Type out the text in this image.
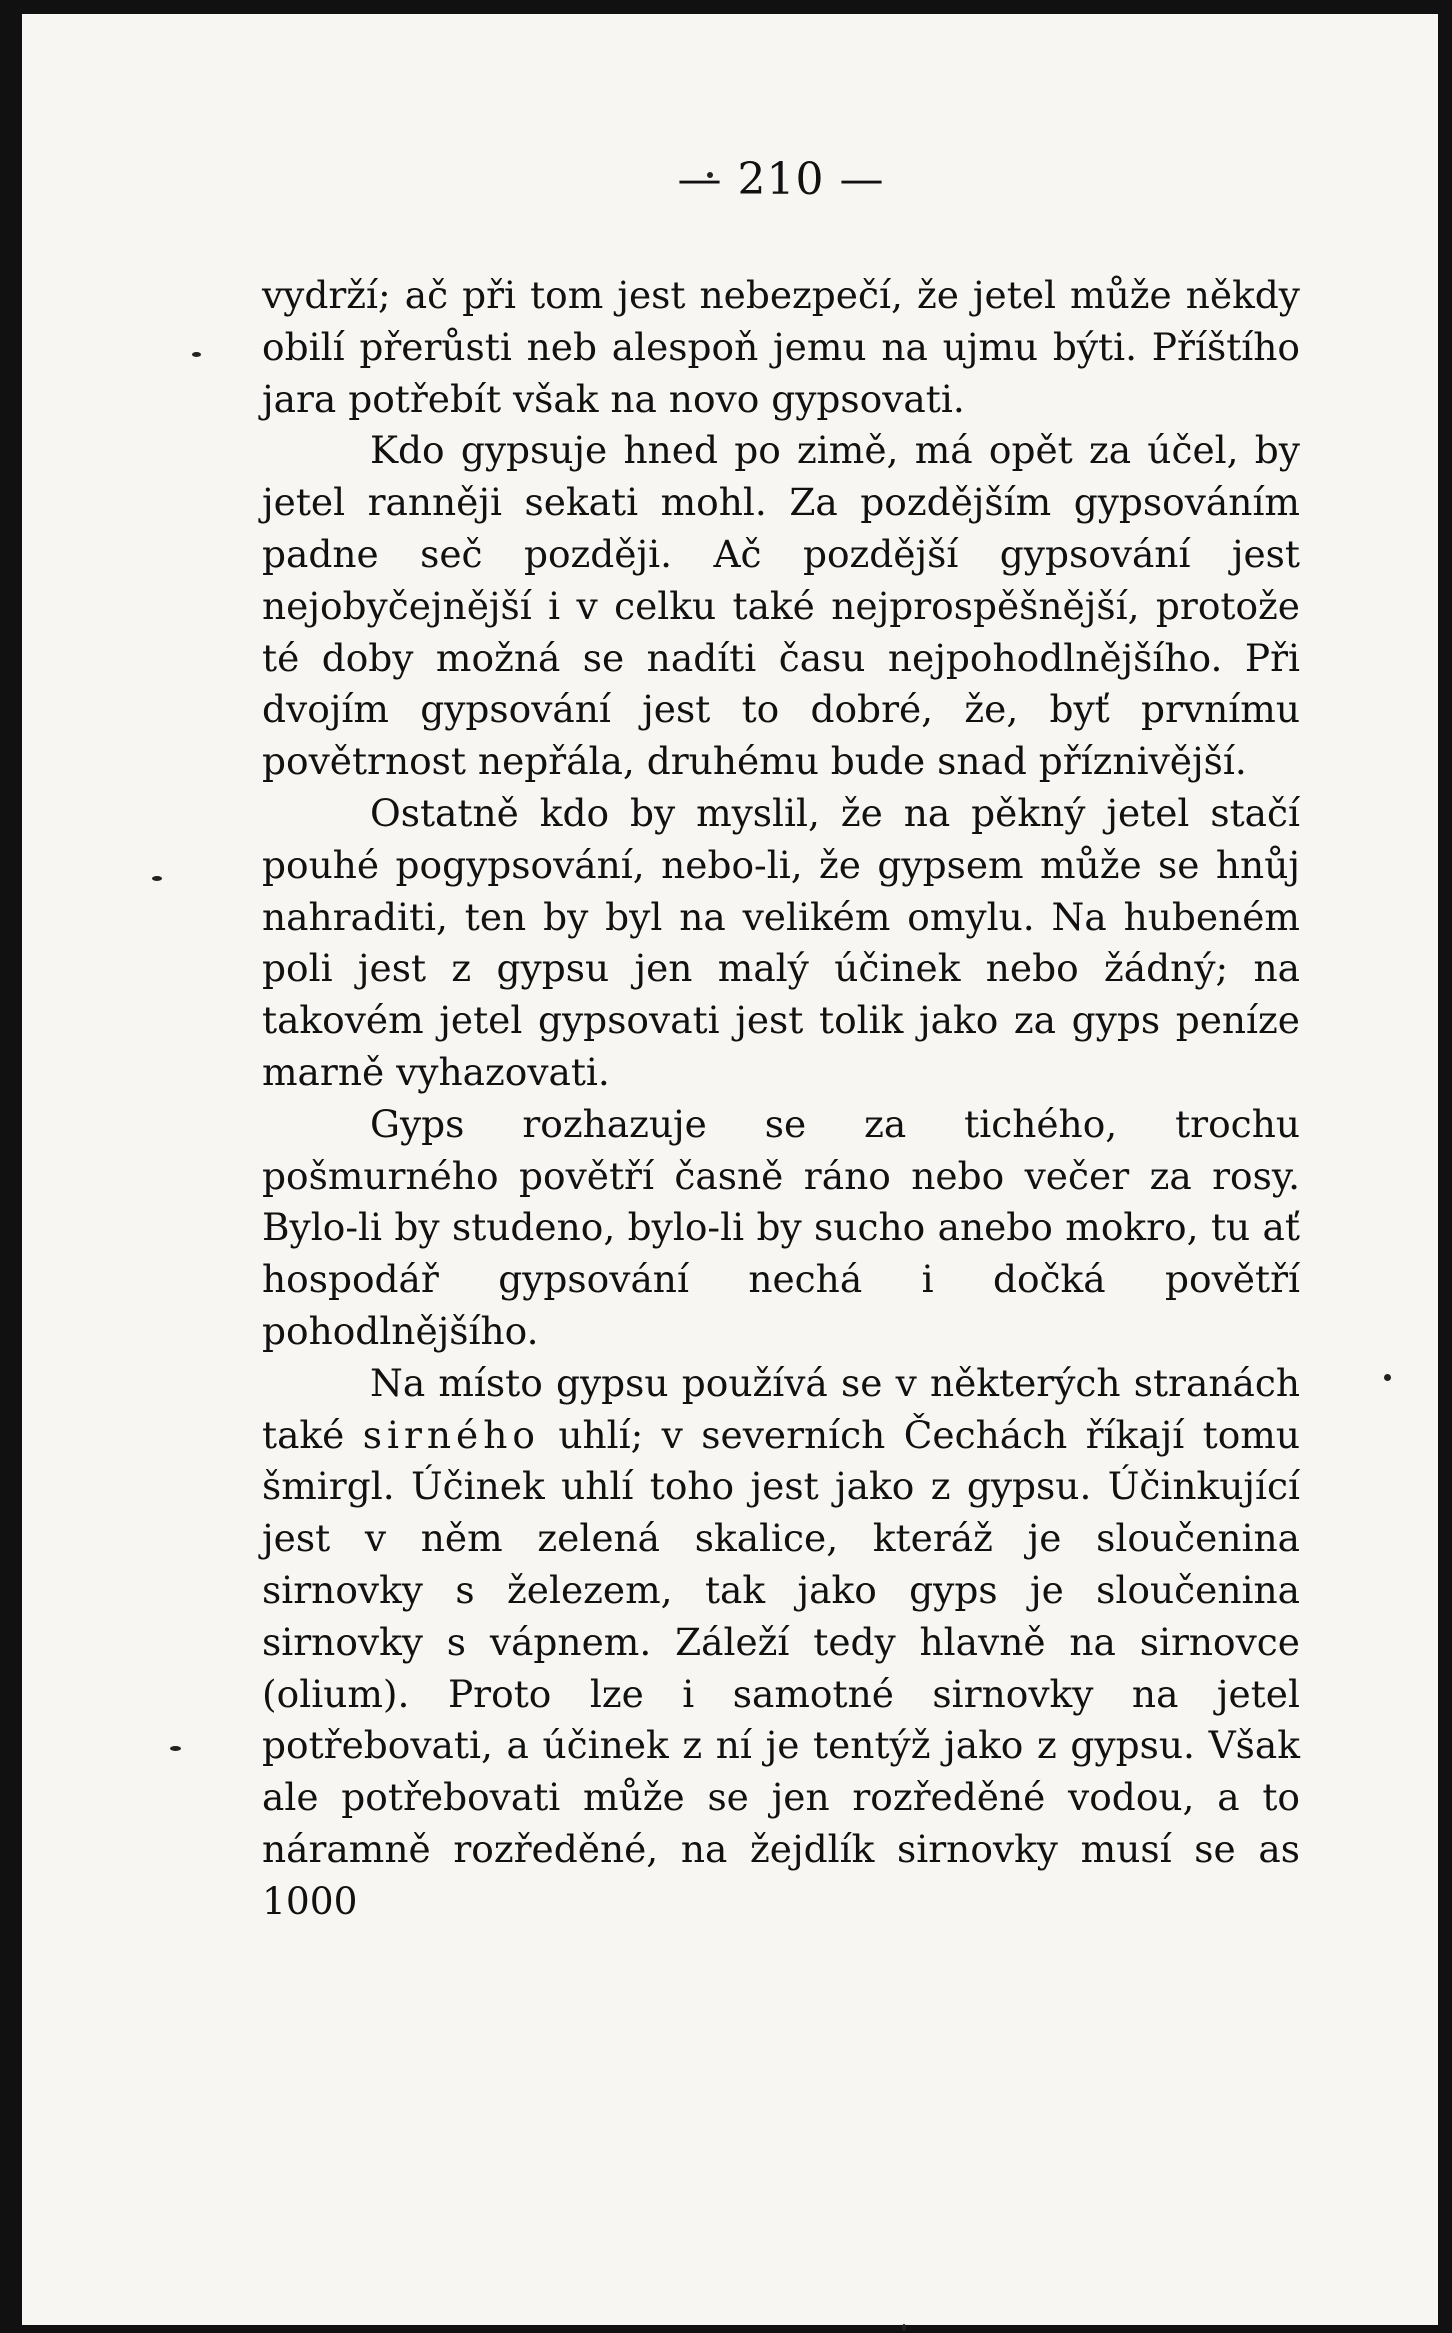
— 210 —

vydrží; ač při tom jest nebezpečí, že jetel může někdy obilí přerůsti neb alespoň jemu na ujmu býti. Příštího jara potřebít však na novo gypsovati.

Kdo gypsuje hned po zimě, má opět za účel, by jetel ranněji sekati mohl. Za pozdějším gypsováním padne seč později. Ač pozdější gypsování jest nejobyčejnější i v celku také nejprospěšnější, protože té doby možná se nadíti času nejpohodlnějšího. Při dvojím gypsování jest to dobré, že, byť prvnímu povětrnost nepřála, druhému bude snad příznivější.

Ostatně kdo by myslil, že na pěkný jetel stačí pouhé pogypsování, nebo-li, že gypsem může se hnůj nahraditi, ten by byl na velikém omylu. Na hubeném poli jest z gypsu jen malý účinek nebo žádný; na takovém jetel gypsovati jest tolik jako za gyps peníze marně vyhazovati.

Gyps rozhazuje se za tichého, trochu pošmurného povětří časně ráno nebo večer za rosy. Bylo-li by studeno, bylo-li by sucho anebo mokro, tu ať hospodář gypsování nechá i dočká povětří pohodlnějšího.

Na místo gypsu používá se v některých stranách také sirného uhlí; v severních Čechách říkají tomu šmirgl. Účinek uhlí toho jest jako z gypsu. Účinkující jest v něm zelená skalice, kteráž je sloučenina sirnovky s železem, tak jako gyps je sloučenina sirnovky s vápnem. Záleží tedy hlavně na sirnovce (olium). Proto lze i samotné sirnovky na jetel potřebovati, a účinek z ní je tentýž jako z gypsu. Však ale potřebovati může se jen rozředěné vodou, a to náramně rozředěné, na žejdlík sirnovky musí se as 1000
